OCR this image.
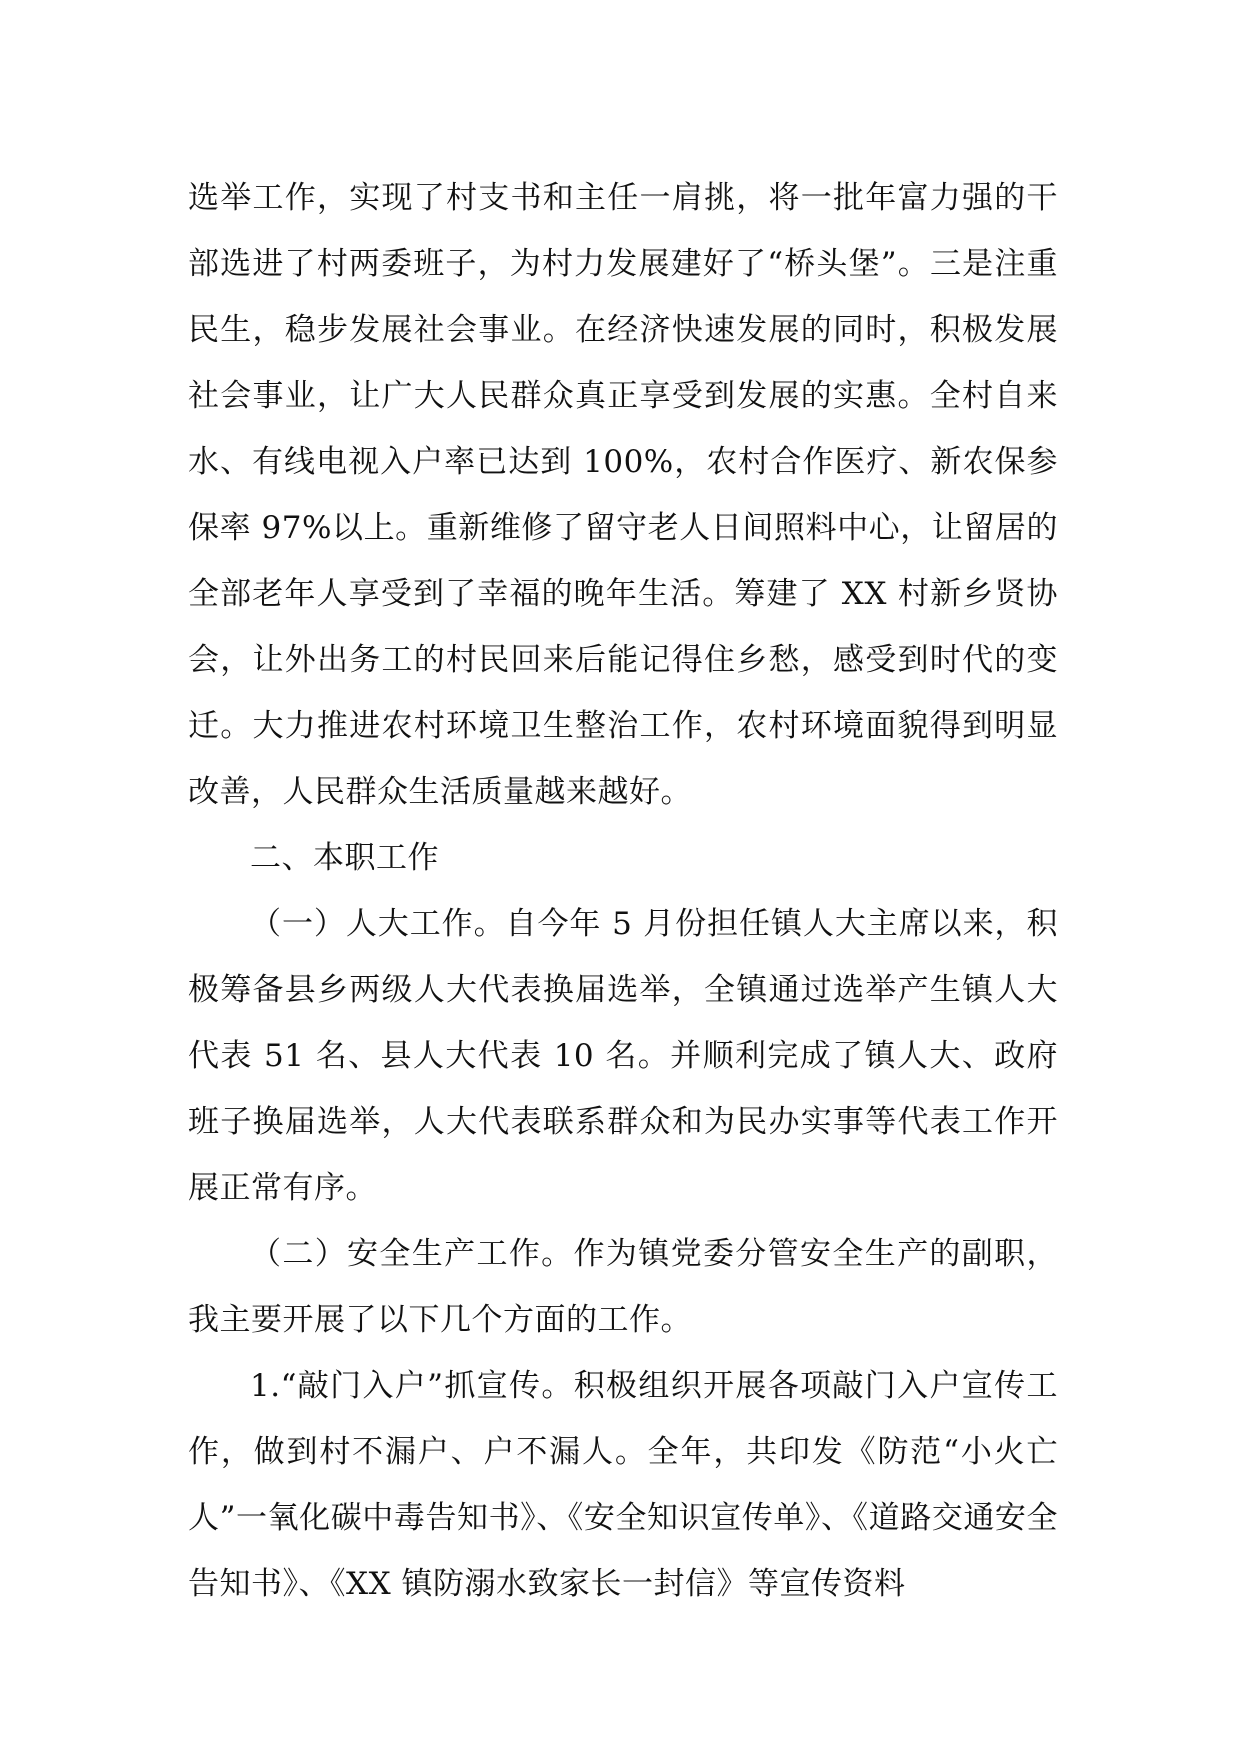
选举工作，实现了村支书和主任一肩挑，将一批年富力强的干部选进了村两委班子，为村力发展建好了“桥头堡”。三是注重民生，稳步发展社会事业。在经济快速发展的同时，积极发展社会事业，让广大人民群众真正享受到发展的实惠。全村自来水、有线电视入户率已达到 100%，农村合作医疗、新农保参保率 97%以上。重新维修了留守老人日间照料中心，让留居的全部老年人享受到了幸福的晚年生活。筹建了 XX 村新乡贤协会，让外出务工的村民回来后能记得住乡愁，感受到时代的变迁。大力推进农村环境卫生整治工作，农村环境面貌得到明显改善，人民群众生活质量越来越好。

二、本职工作

（一）人大工作。自今年 5 月份担任镇人大主席以来，积极筹备县乡两级人大代表换届选举，全镇通过选举产生镇人大代表 51 名、县人大代表 10 名。并顺利完成了镇人大、政府班子换届选举，人大代表联系群众和为民办实事等代表工作开展正常有序。

（二）安全生产工作。作为镇党委分管安全生产的副职，我主要开展了以下几个方面的工作。

1.“敲门入户”抓宣传。积极组织开展各项敲门入户宣传工作，做到村不漏户、户不漏人。全年，共印发《防范“小火亡人”一氧化碳中毒告知书》、《安全知识宣传单》、《道路交通安全告知书》、《XX 镇防溺水致家长一封信》等宣传资料
